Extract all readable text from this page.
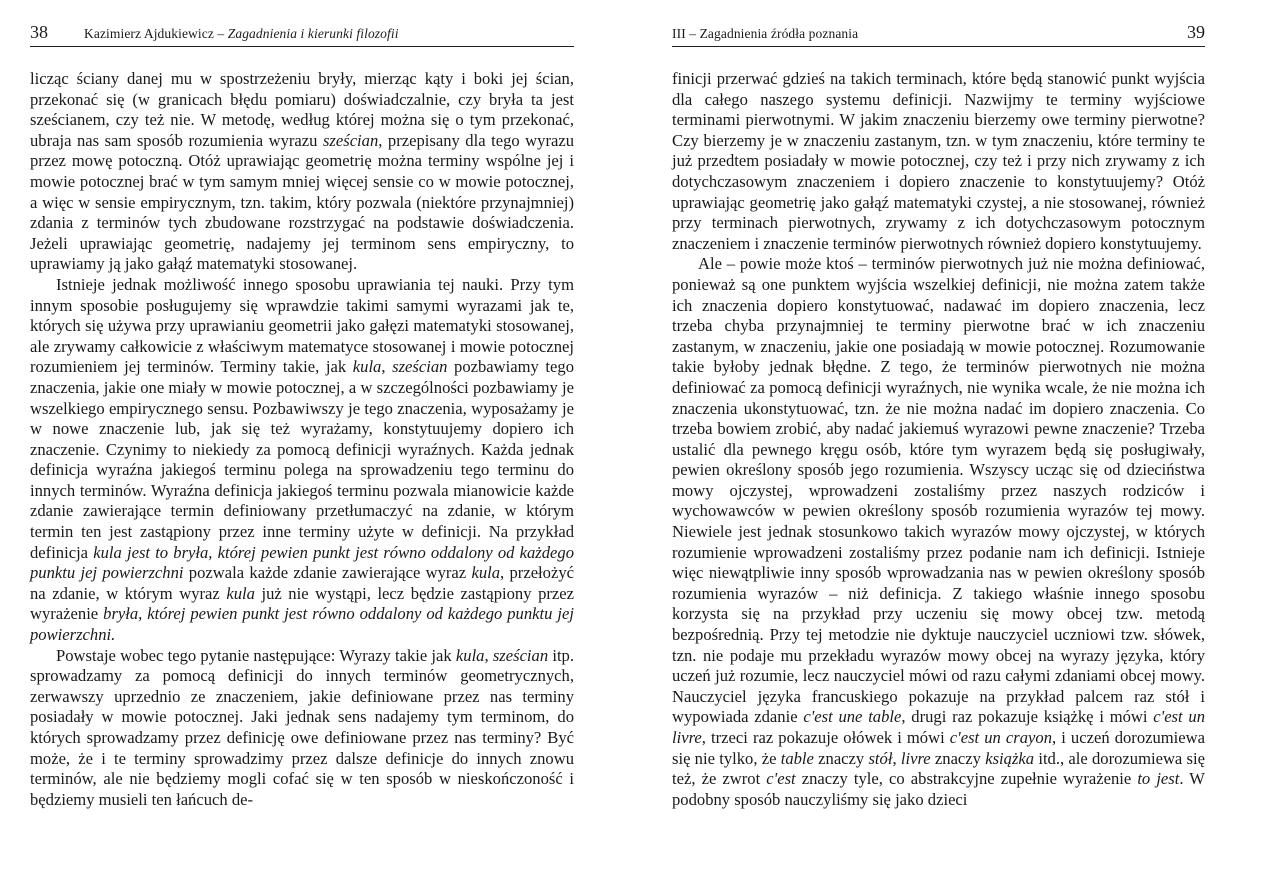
38	Kazimierz Ajdukiewicz – Zagadnienia i kierunki filozofii

licząc ściany danej mu w spostrzeżeniu bryły, mierząc kąty i boki jej ścian, przekonać się (w granicach błędu pomiaru) doświadczalnie, czy bryła ta jest sześcianem, czy też nie. W metodę, według której można się o tym przekonać, ubraja nas sam sposób rozumienia wyrazu sześcian, przepisany dla tego wyrazu przez mowę potoczną. Otóż uprawiając geometrię można terminy wspólne jej i mowie potocznej brać w tym samym mniej więcej sensie co w mowie potocznej, a więc w sensie empirycznym, tzn. takim, który pozwala (niektóre przynajmniej) zdania z terminów tych zbudowane rozstrzygać na podstawie doświadczenia. Jeżeli uprawiając geometrię, nadajemy jej terminom sens empiryczny, to uprawiamy ją jako gałąź matematyki stosowanej.

Istnieje jednak możliwość innego sposobu uprawiania tej nauki. Przy tym innym sposobie posługujemy się wprawdzie takimi samymi wyrazami jak te, których się używa przy uprawianiu geometrii jako gałęzi matematyki stosowanej, ale zrywamy całkowicie z właściwym matematyce stosowanej i mowie potocznej rozumieniem jej terminów. Terminy takie, jak kula, sześcian pozbawiamy tego znaczenia, jakie one miały w mowie potocznej, a w szczególności pozbawiamy je wszelkiego empirycznego sensu. Pozbawiwszy je tego znaczenia, wyposażamy je w nowe znaczenie lub, jak się też wyrażamy, konstytuujemy dopiero ich znaczenie. Czynimy to niekiedy za pomocą definicji wyraźnych. Każda jednak definicja wyraźna jakiegoś terminu polega na sprowadzeniu tego terminu do innych terminów. Wyraźna definicja jakiegoś terminu pozwala mianowicie każde zdanie zawierające termin definiowany przetłumaczyć na zdanie, w którym termin ten jest zastąpiony przez inne terminy użyte w definicji. Na przykład definicja kula jest to bryła, której pewien punkt jest równo oddalony od każdego punktu jej powierzchni pozwala każde zdanie zawierające wyraz kula, przełożyć na zdanie, w którym wyraz kula już nie wystąpi, lecz będzie zastąpiony przez wyrażenie bryła, której pewien punkt jest równo oddalony od każdego punktu jej powierzchni.

Powstaje wobec tego pytanie następujące: Wyrazy takie jak kula, sześcian itp. sprowadzamy za pomocą definicji do innych terminów geometrycznych, zerwawszy uprzednio ze znaczeniem, jakie definiowane przez nas terminy posiadały w mowie potocznej. Jaki jednak sens nadajemy tym terminom, do których sprowadzamy przez definicję owe definiowane przez nas terminy? Być może, że i te terminy sprowadzimy przez dalsze definicje do innych znowu terminów, ale nie będziemy mogli cofać się w ten sposób w nieskończoność i będziemy musieli ten łańcuch de-

III – Zagadnienia źródła poznania	39

finicji przerwać gdzieś na takich terminach, które będą stanowić punkt wyjścia dla całego naszego systemu definicji. Nazwijmy te terminy wyjściowe terminami pierwotnymi. W jakim znaczeniu bierzemy owe terminy pierwotne? Czy bierzemy je w znaczeniu zastanym, tzn. w tym znaczeniu, które terminy te już przedtem posiadały w mowie potocznej, czy też i przy nich zrywamy z ich dotychczasowym znaczeniem i dopiero znaczenie to konstytuujemy? Otóż uprawiając geometrię jako gałąź matematyki czystej, a nie stosowanej, również przy terminach pierwotnych, zrywamy z ich dotychczasowym potocznym znaczeniem i znaczenie terminów pierwotnych również dopiero konstytuujemy.

Ale – powie może ktoś – terminów pierwotnych już nie można definiować, ponieważ są one punktem wyjścia wszelkiej definicji, nie można zatem także ich znaczenia dopiero konstytuować, nadawać im dopiero znaczenia, lecz trzeba chyba przynajmniej te terminy pierwotne brać w ich znaczeniu zastanym, w znaczeniu, jakie one posiadają w mowie potocznej. Rozumowanie takie byłoby jednak błędne. Z tego, że terminów pierwotnych nie można definiować za pomocą definicji wyraźnych, nie wynika wcale, że nie można ich znaczenia ukonstytuować, tzn. że nie można nadać im dopiero znaczenia. Co trzeba bowiem zrobić, aby nadać jakiemuś wyrazowi pewne znaczenie? Trzeba ustalić dla pewnego kręgu osób, które tym wyrazem będą się posługiwały, pewien określony sposób jego rozumienia. Wszyscy ucząc się od dzieciństwa mowy ojczystej, wprowadzeni zostaliśmy przez naszych rodziców i wychowawców w pewien określony sposób rozumienia wyrazów tej mowy. Niewiele jest jednak stosunkowo takich wyrazów mowy ojczystej, w których rozumienie wprowadzeni zostaliśmy przez podanie nam ich definicji. Istnieje więc niewątpliwie inny sposób wprowadzania nas w pewien określony sposób rozumienia wyrazów – niż definicja. Z takiego właśnie innego sposobu korzysta się na przykład przy uczeniu się mowy obcej tzw. metodą bezpośrednią. Przy tej metodzie nie dyktuje nauczyciel uczniowi tzw. słówek, tzn. nie podaje mu przekładu wyrazów mowy obcej na wyrazy języka, który uczeń już rozumie, lecz nauczyciel mówi od razu całymi zdaniami obcej mowy. Nauczyciel języka francuskiego pokazuje na przykład palcem raz stół i wypowiada zdanie c'est une table, drugi raz pokazuje książkę i mówi c'est un livre, trzeci raz pokazuje ołówek i mówi c'est un crayon, i uczeń dorozumiewa się nie tylko, że table znaczy stół, livre znaczy książka itd., ale dorozumiewa się też, że zwrot c'est znaczy tyle, co abstrakcyjne zupełnie wyrażenie to jest. W podobny sposób nauczyliśmy się jako dzieci
